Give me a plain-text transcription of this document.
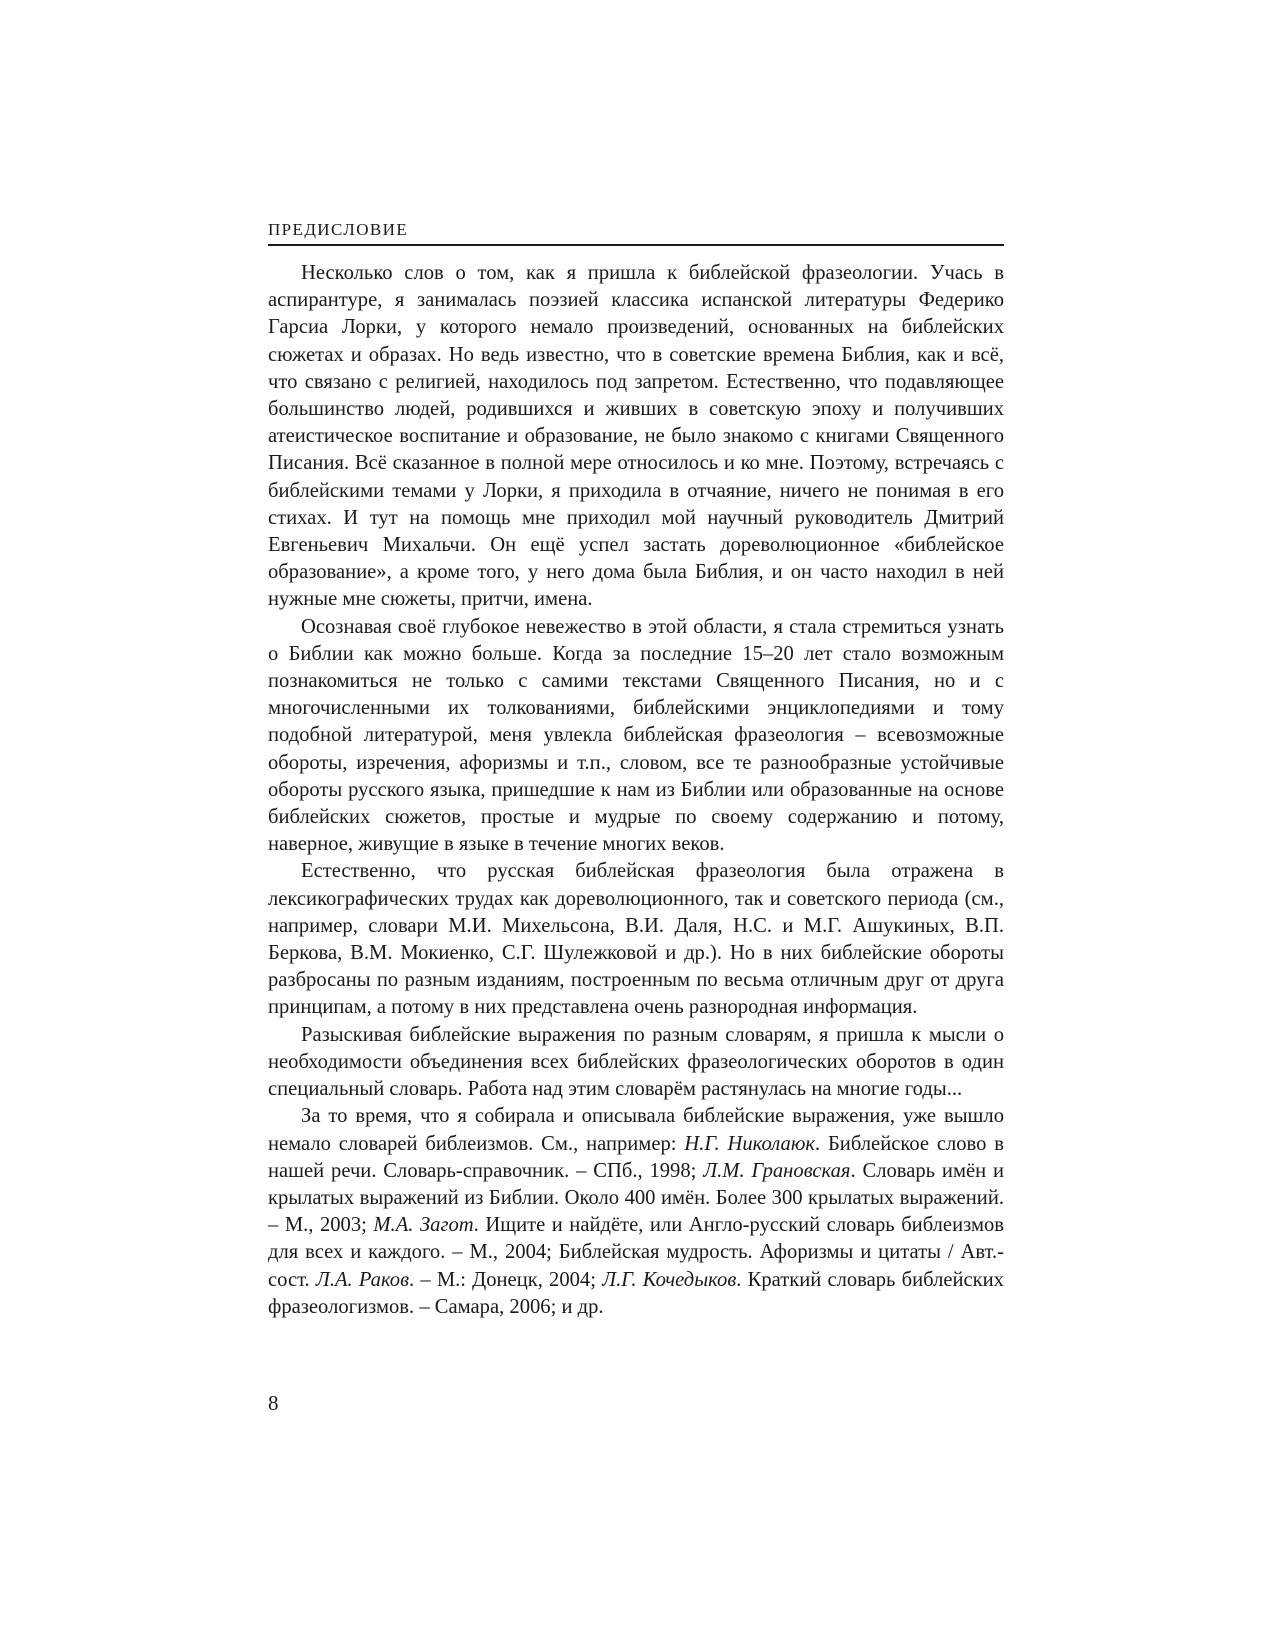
ПРЕДИСЛОВИЕ

Несколько слов о том, как я пришла к библейской фразеологии. Учась в аспирантуре, я занималась поэзией классика испанской литературы Федерико Гарсиа Лорки, у которого немало произведений, основанных на библейских сюжетах и образах. Но ведь известно, что в советские времена Библия, как и всё, что связано с религией, находилось под запретом. Естественно, что подавляющее большинство людей, родившихся и живших в советскую эпоху и получивших атеистическое воспитание и образование, не было знакомо с книгами Священного Писания. Всё сказанное в полной мере относилось и ко мне. Поэтому, встречаясь с библейскими темами у Лорки, я приходила в отчаяние, ничего не понимая в его стихах. И тут на помощь мне приходил мой научный руководитель Дмитрий Евгеньевич Михальчи. Он ещё успел застать дореволюционное «библейское образование», а кроме того, у него дома была Библия, и он часто находил в ней нужные мне сюжеты, притчи, имена.

Осознавая своё глубокое невежество в этой области, я стала стремиться узнать о Библии как можно больше. Когда за последние 15–20 лет стало возможным познакомиться не только с самими текстами Священного Писания, но и с многочисленными их толкованиями, библейскими энциклопедиями и тому подобной литературой, меня увлекла библейская фразеология – всевозможные обороты, изречения, афоризмы и т.п., словом, все те разнообразные устойчивые обороты русского языка, пришедшие к нам из Библии или образованные на основе библейских сюжетов, простые и мудрые по своему содержанию и потому, наверное, живущие в языке в течение многих веков.

Естественно, что русская библейская фразеология была отражена в лексикографических трудах как дореволюционного, так и советского периода (см., например, словари М.И. Михельсона, В.И. Даля, Н.С. и М.Г. Ашукиных, В.П. Беркова, В.М. Мокиенко, С.Г. Шулежковой и др.). Но в них библейские обороты разбросаны по разным изданиям, построенным по весьма отличным друг от друга принципам, а потому в них представлена очень разнородная информация.

Разыскивая библейские выражения по разным словарям, я пришла к мысли о необходимости объединения всех библейских фразеологических оборотов в один специальный словарь. Работа над этим словарём растянулась на многие годы...

За то время, что я собирала и описывала библейские выражения, уже вышло немало словарей библеизмов. См., например: Н.Г. Николаюк. Библейское слово в нашей речи. Словарь-справочник. – СПб., 1998; Л.М. Грановская. Словарь имён и крылатых выражений из Библии. Около 400 имён. Более 300 крылатых выражений. – М., 2003; М.А. Загот. Ищите и найдёте, или Англо-русский словарь библеизмов для всех и каждого. – М., 2004; Библейская мудрость. Афоризмы и цитаты / Авт.-сост. Л.А. Раков. – М.: Донецк, 2004; Л.Г. Кочедыков. Краткий словарь библейских фразеологизмов. – Самара, 2006; и др.

8
